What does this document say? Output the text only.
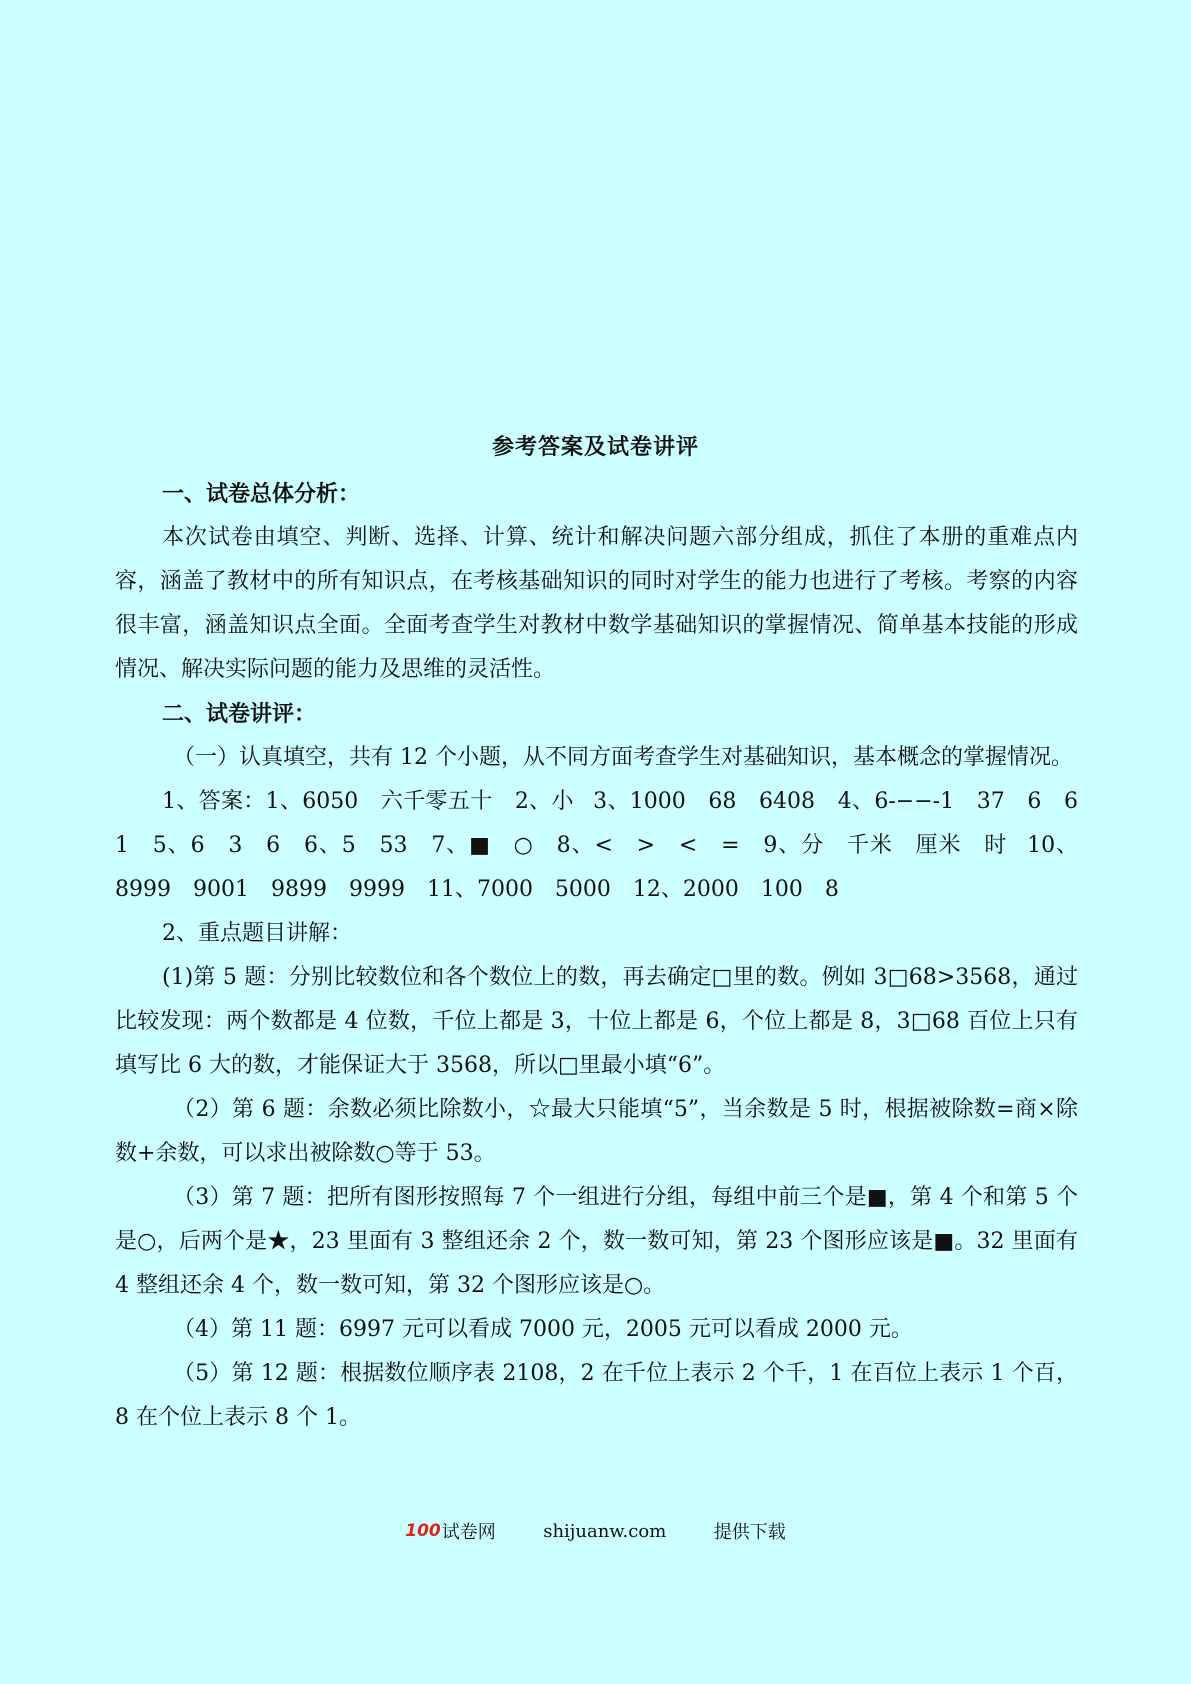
参考答案及试卷讲评

一、试卷总体分析：

本次试卷由填空、判断、选择、计算、统计和解决问题六部分组成，抓住了本册的重难点内容，涵盖了教材中的所有知识点，在考核基础知识的同时对学生的能力也进行了考核。考察的内容很丰富，涵盖知识点全面。全面考查学生对教材中数学基础知识的掌握情况、简单基本技能的形成情况、解决实际问题的能力及思维的灵活性。

二、试卷讲评：

（一）认真填空，共有 12 个小题，从不同方面考查学生对基础知识，基本概念的掌握情况。

1、答案：1、6050　六千零五十　2、小 3、1000　68　6408　4、6-−−-1　37　6　6　1　5、6　3　6　6、5　53　7、■　○　8、<　>　<　=　9、分　千米　厘米　时 10、8999　9001　9899　9999　11、7000　5000　12、2000　100　8

2、重点题目讲解：

(1)第 5 题：分别比较数位和各个数位上的数，再去确定□里的数。例如 3□68>3568，通过比较发现：两个数都是 4 位数，千位上都是 3，十位上都是 6，个位上都是 8，3□68 百位上只有填写比 6 大的数，才能保证大于 3568，所以□里最小填“6”。

（2）第 6 题：余数必须比除数小，☆最大只能填“5”，当余数是 5 时，根据被除数=商×除数+余数，可以求出被除数○等于 53。

（3）第 7 题：把所有图形按照每 7 个一组进行分组，每组中前三个是■，第 4 个和第 5 个是○，后两个是★，23 里面有 3 整组还余 2 个，数一数可知，第 23 个图形应该是■。32 里面有 4 整组还余 4 个，数一数可知，第 32 个图形应该是○。

（4）第 11 题：6997 元可以看成 7000 元，2005 元可以看成 2000 元。

（5）第 12 题：根据数位顺序表 2108，2 在千位上表示 2 个千，1 在百位上表示 1 个百，8 在个位上表示 8 个 1。

100试卷网	shijuanw.com	提供下载
